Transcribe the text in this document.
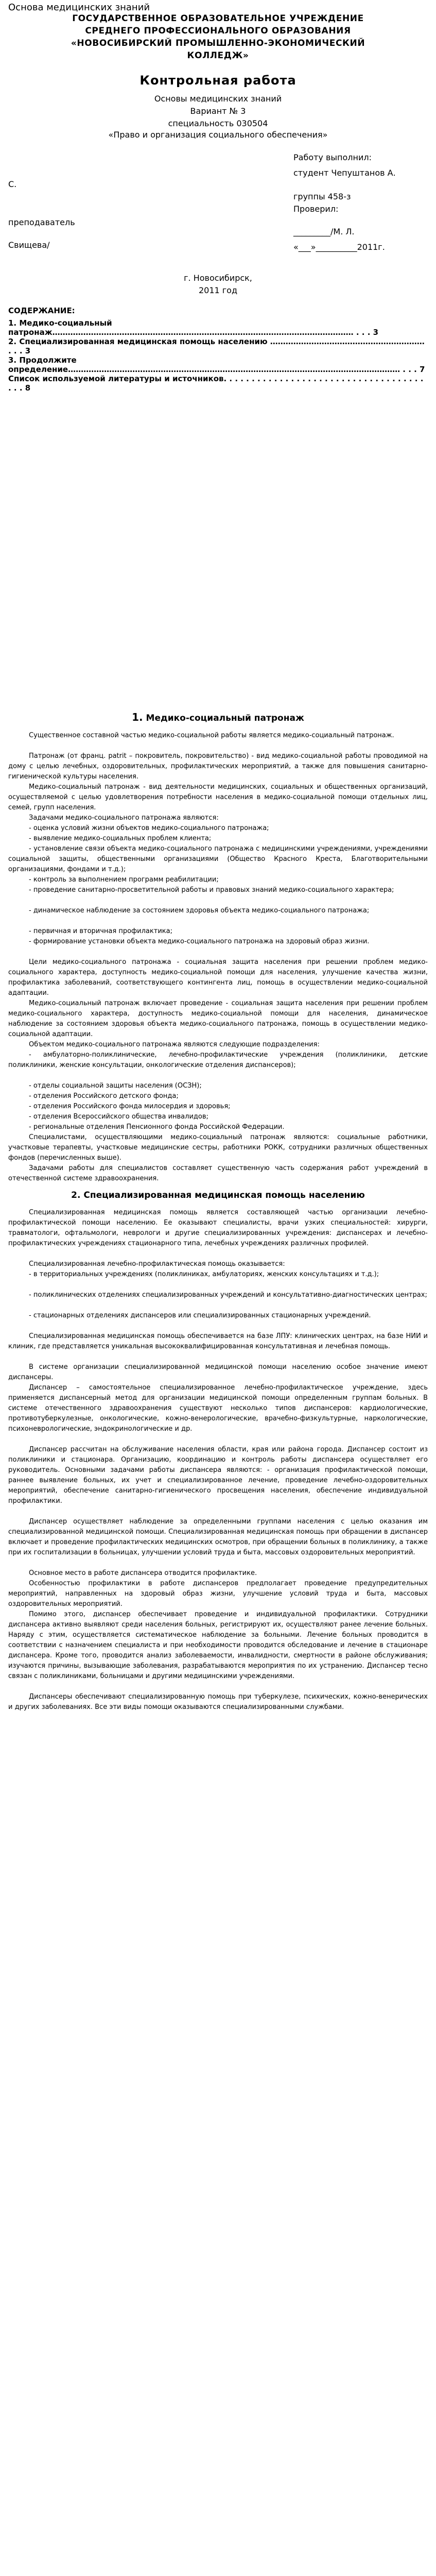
Основа медицинских знаний
ГОСУДАРСТВЕННОЕ ОБРАЗОВАТЕЛЬНОЕ УЧРЕЖДЕНИЕ
СРЕДНЕГО ПРОФЕССИОНАЛЬНОГО ОБРАЗОВАНИЯ
«НОВОСИБИРСКИЙ ПРОМЫШЛЕННО-ЭКОНОМИЧЕСКИЙ
КОЛЛЕДЖ»
Контрольная работа
Основы медицинских знаний
Вариант № 3
специальность 030504
«Право и организация социального обеспечения»
Работу выполнил:
студент Чепуштанов А.
С.
группы 458-з
Проверил:
преподаватель
_________/М. Л.
Свищева/	«___»__________2011г.
г. Новосибирск,
2011 год
СОДЕРЖАНИЕ:
1. Медико-социальный патронаж……………………………………………………………………………………………………… . . . 3
2. Специализированная медицинская помощь населению …………………………………………………… . . . 3
3. Продолжите определение………………………………………………………………………………………………………………… . . . 7
Список используемой литературы и источников. . . . . . . . . . . . . . . . . . . . . . . . . . . . . . . . . . . . . . . 8
1. Медико-социальный патронаж
Существенное составной частью медико-социальной работы является медико-социальный патронаж.
Патронаж (от франц. patrit – покровитель, покровительство) - вид медико-социальной работы проводимой на дому с целью лечебных, оздоровительных, профилактических мероприятий, а также для повышения санитарно-гигиенической культуры населения.
Медико-социальный патронаж - вид деятельности медицинских, социальных и общественных организаций, осуществляемой с целью удовлетворения потребности населения в медико-социальной помощи отдельных лиц, семей, групп населения.
Задачами медико-социального патронажа являются:
- оценка условий жизни объектов медико-социального патронажа;
- выявление медико-социальных проблем клиента;
- установление связи объекта медико-социального патронажа с медицинскими учреждениями, учреждениями социальной защиты, общественными организациями (Общество Красного Креста, Благотворительными организациями, фондами и т.д.);
- контроль за выполнением программ реабилитации;
- проведение санитарно-просветительной работы и правовых знаний медико-социального характера;
- динамическое наблюдение за состоянием здоровья объекта медико-социального патронажа;
- первичная и вторичная профилактика;
- формирование установки объекта медико-социального патронажа на здоровый образ жизни.
Цели медико-социального патронажа - социальная защита населения при решении проблем медико-социального характера, доступность медико-социальной помощи для населения, улучшение качества жизни, профилактика заболеваний, соответствующего контингента лиц, помощь в осуществлении медико-социальной адаптации.
Медико-социальный патронаж включает проведение - социальная защита населения при решении проблем медико-социального характера, доступность медико-социальной помощи для населения, динамическое наблюдение за состоянием здоровья объекта медико-социального патронажа, помощь в осуществлении медико-социальной адаптации.
Объектом медико-социального патронажа являются следующие подразделения:
- амбулаторно-поликлинические, лечебно-профилактические учреждения (поликлиники, детские поликлиники, женские консультации, онкологические отделения диспансеров);
- отделы социальной защиты населения (ОСЗН);
- отделения Российского детского фонда;
- отделения Российского фонда милосердия и здоровья;
- отделения Всероссийского общества инвалидов;
- региональные отделения Пенсионного фонда Российской Федерации.
Специалистами, осуществляющими медико-социальный патронаж являются: социальные работники, участковые терапевты, участковые медицинские сестры, работники РОКК, сотрудники различных общественных фондов (перечисленных выше).
Задачами работы для специалистов составляет существенную часть содержания работ учреждений в отечественной системе здравоохранения.
2. Специализированная медицинская помощь населению
Специализированная медицинская помощь является составляющей частью организации лечебно-профилактической помощи населению. Ее оказывают специалисты, врачи узких специальностей: хирурги, травматологи, офтальмологи, неврологи и другие специализированных учреждения: диспансерах и лечебно-профилактических учреждениях стационарного типа, лечебных учреждениях различных профилей.
Специализированная лечебно-профилактическая помощь оказывается:
- в территориальных учреждениях (поликлиниках, амбулаториях, женских консультациях и т.д.);
- поликлинических отделениях специализированных учреждений и консультативно-диагностических центрах;
- стационарных отделениях диспансеров или специализированных стационарных учреждений.
Специализированная медицинская помощь обеспечивается на базе ЛПУ: клинических центрах, на базе НИИ и клиник, где представляется уникальная высококвалифицированная консультативная и лечебная помощь.
В системе организации специализированной медицинской помощи населению особое значение имеют диспансеры.
Диспансер – самостоятельное специализированное лечебно-профилактическое учреждение, здесь применяется диспансерный метод для организации медицинской помощи определенным группам больных. В системе отечественного здравоохранения существуют несколько типов диспансеров: кардиологические, противотуберкулезные, онкологические, кожно-венерологические, врачебно-физкультурные, наркологические, психоневрологические, эндокринологические и др.
Диспансер рассчитан на обслуживание населения области, края или района города. Диспансер состоит из поликлиники и стационара. Организацию, координацию и контроль работы диспансера осуществляет его руководитель. Основными задачами работы диспансера являются: - организация профилактической помощи, раннее выявление больных, их учет и специализированное лечение, проведение лечебно-оздоровительных мероприятий, обеспечение санитарно-гигиенического просвещения населения, обеспечение индивидуальной профилактики.
Диспансер осуществляет наблюдение за определенными группами населения с целью оказания им специализированной медицинской помощи. Специализированная медицинская помощь при обращении в диспансер включает и проведение профилактических медицинских осмотров, при обращении больных в поликлинику, а также при их госпитализации в больницах, улучшении условий труда и быта, массовых оздоровительных мероприятий.
Основное место в работе диспансера отводится профилактике.
Особенностью профилактики в работе диспансеров предполагает проведение предупредительных мероприятий, направленных на здоровый образ жизни, улучшение условий труда и быта, массовых оздоровительных мероприятий.
Помимо этого, диспансер обеспечивает проведение и индивидуальной профилактики. Сотрудники диспансера активно выявляют среди населения больных, регистрируют их, осуществляют ранее лечение больных. Наряду с этим, осуществляется систематическое наблюдение за больными. Лечение больных проводится в соответствии с назначением специалиста и при необходимости проводится обследование и лечение в стационаре диспансера. Кроме того, проводится анализ заболеваемости, инвалидности, смертности в районе обслуживания; изучаются причины, вызывающие заболевания, разрабатываются мероприятия по их устранению. Диспансер тесно связан с поликлиниками, больницами и другими медицинскими учреждениями.
Диспансеры обеспечивают специализированную помощь при туберкулезе, психических, кожно-венерических и других заболеваниях. Все эти виды помощи оказываются специализированными службами.
